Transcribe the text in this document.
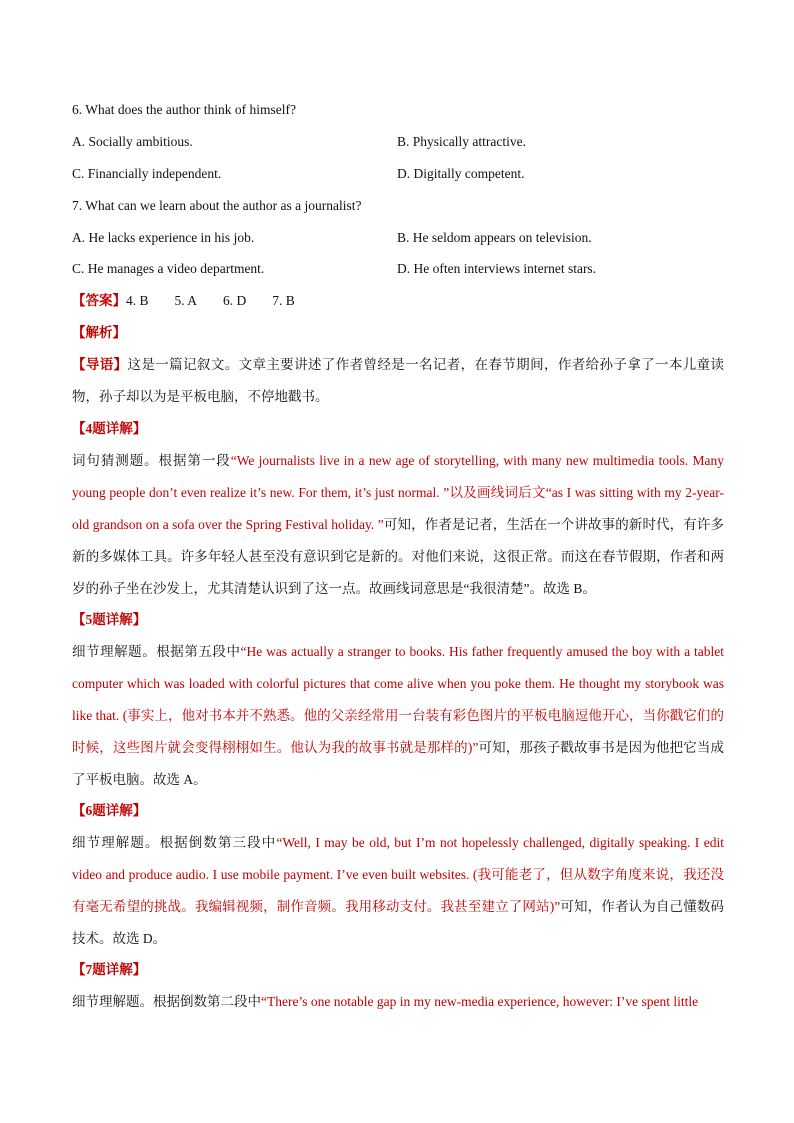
6. What does the author think of himself?
A. Socially ambitious.	B. Physically attractive.
C. Financially independent.	D. Digitally competent.
7. What can we learn about the author as a journalist?
A. He lacks experience in his job.	B. He seldom appears on television.
C. He manages a video department.	D. He often interviews internet stars.
【答案】4. B 5. A 6. D 7. B
【解析】
【导语】这是一篇记叙文。文章主要讲述了作者曾经是一名记者，在春节期间，作者给孙子拿了一本儿童读物，孙子却以为是平板电脑，不停地戳书。
【4题详解】
词句猜测题。根据第一段“We journalists live in a new age of storytelling, with many new multimedia tools. Many young people don’t even realize it’s new. For them, it’s just normal. ”以及画线词后文“as I was sitting with my 2-year-old grandson on a sofa over the Spring Festival holiday. ”可知，作者是记者，生活在一个讲故事的新时代，有许多新的多媒体工具。许多年轻人甚至没有意识到它是新的。对他们来说，这很正常。而这在春节假期，作者和两岁的孙子坐在沙发上，尤其清楚认识到了这一点。故画线词意思是“我很清楚”。故选 B。
【5题详解】
细节理解题。根据第五段中“He was actually a stranger to books. His father frequently amused the boy with a tablet computer which was loaded with colorful pictures that come alive when you poke them. He thought my storybook was like that. (事实上，他对书本并不熟悉。他的父亲经常用一台装有彩色图片的平板电脑逗他开心，当你戳它们的时候，这些图片就会变得栩栩如生。他认为我的故事书就是那样的)”可知，那孩子戳故事书是因为他把它当成了平板电脑。故选 A。
【6题详解】
细节理解题。根据倒数第三段中“Well, I may be old, but I’m not hopelessly challenged, digitally speaking. I edit video and produce audio. I use mobile payment. I’ve even built websites. (我可能老了，但从数字角度来说，我还没有毫无希望的挑战。我编辑视频，制作音频。我用移动支付。我甚至建立了网站)”可知，作者认为自己懂数码技术。故选 D。
【7题详解】
细节理解题。根据倒数第二段中“There’s one notable gap in my new-media experience, however: I’ve spent little
